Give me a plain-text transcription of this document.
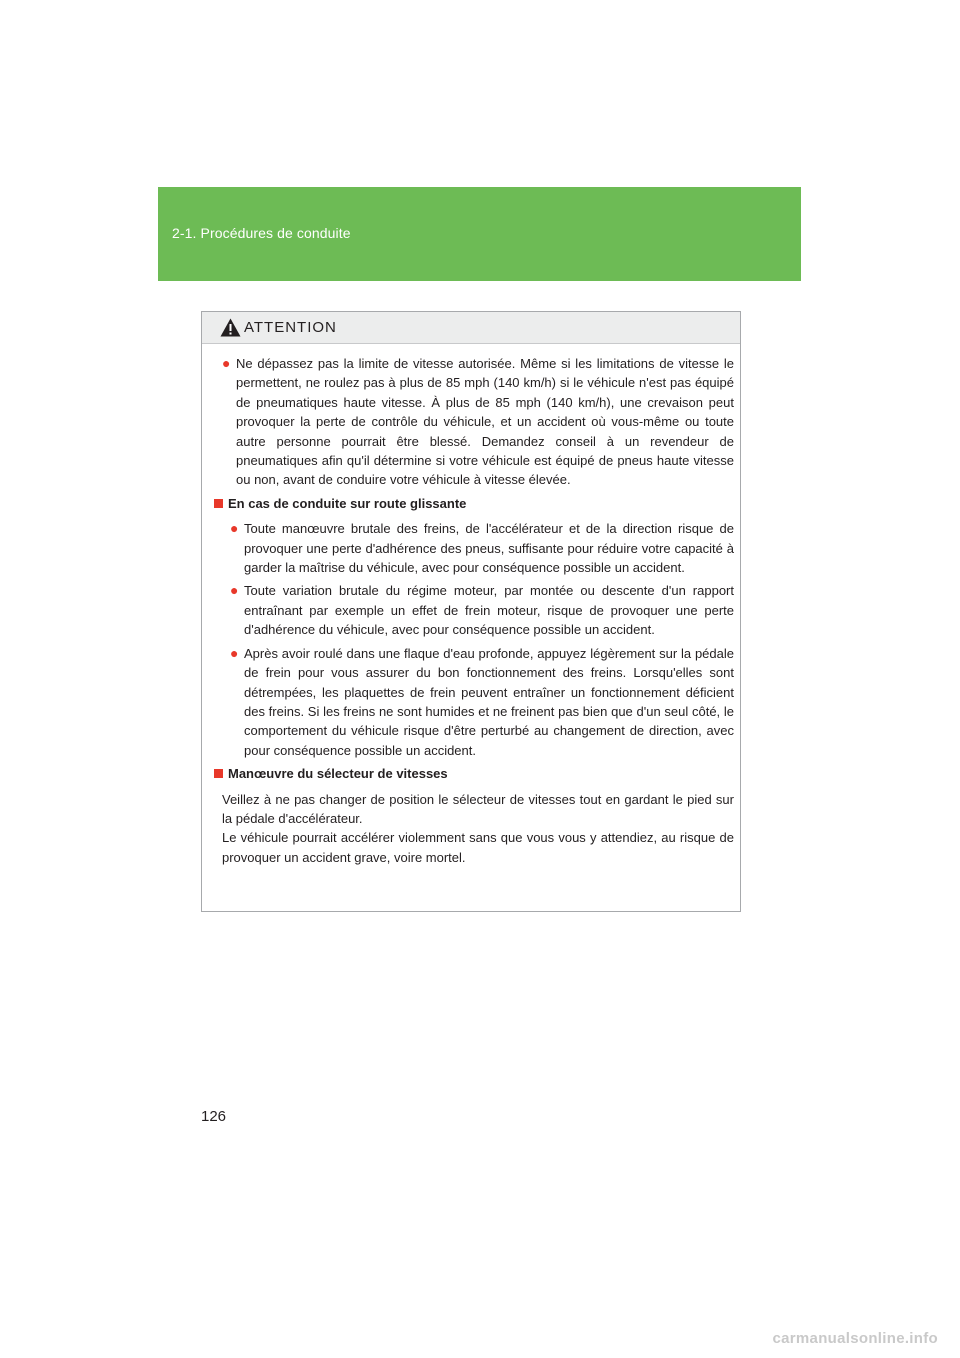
2-1. Procédures de conduite
ATTENTION
● Ne dépassez pas la limite de vitesse autorisée. Même si les limitations de vitesse le permettent, ne roulez pas à plus de 85 mph (140 km/h) si le véhicule n'est pas équipé de pneumatiques haute vitesse. À plus de 85 mph (140 km/h), une crevaison peut provoquer la perte de contrôle du véhicule, et un accident où vous-même ou toute autre personne pourrait être blessé. Demandez conseil à un revendeur de pneumatiques afin qu'il détermine si votre véhicule est équipé de pneus haute vitesse ou non, avant de conduire votre véhicule à vitesse élevée.
En cas de conduite sur route glissante
● Toute manœuvre brutale des freins, de l'accélérateur et de la direction risque de provoquer une perte d'adhérence des pneus, suffisante pour réduire votre capacité à garder la maîtrise du véhicule, avec pour conséquence possible un accident.
● Toute variation brutale du régime moteur, par montée ou descente d'un rapport entraînant par exemple un effet de frein moteur, risque de provoquer une perte d'adhérence du véhicule, avec pour conséquence possible un accident.
● Après avoir roulé dans une flaque d'eau profonde, appuyez légèrement sur la pédale de frein pour vous assurer du bon fonctionnement des freins. Lorsqu'elles sont détrempées, les plaquettes de frein peuvent entraîner un fonctionnement déficient des freins. Si les freins ne sont humides et ne freinent pas bien que d'un seul côté, le comportement du véhicule risque d'être perturbé au changement de direction, avec pour conséquence possible un accident.
Manœuvre du sélecteur de vitesses
Veillez à ne pas changer de position le sélecteur de vitesses tout en gardant le pied sur la pédale d'accélérateur.
Le véhicule pourrait accélérer violemment sans que vous vous y attendiez, au risque de provoquer un accident grave, voire mortel.
126
carmanualsonline.info
